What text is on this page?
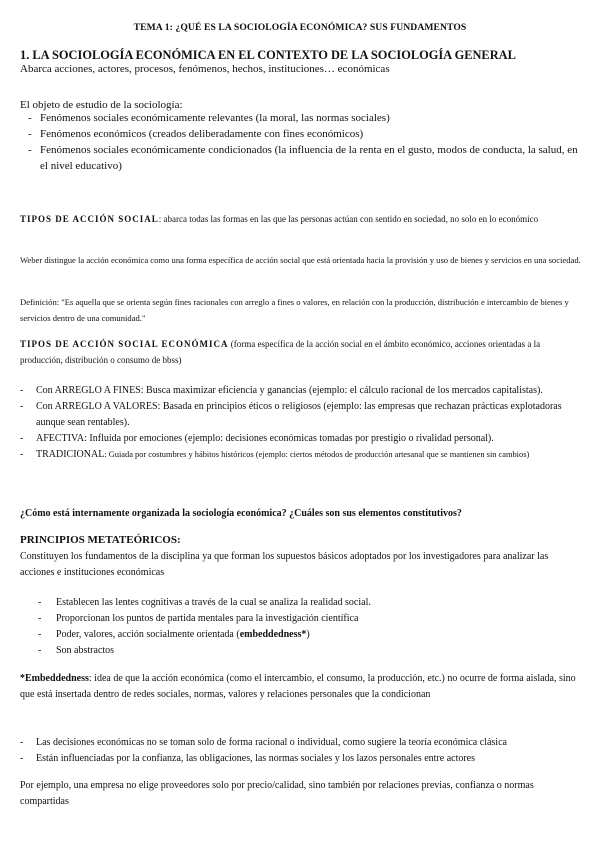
TEMA 1: ¿QUÉ ES LA SOCIOLOGÍA ECONÓMICA? SUS FUNDAMENTOS
1. LA SOCIOLOGÍA ECONÓMICA EN EL CONTEXTO DE LA SOCIOLOGÍA GENERAL
Abarca acciones, actores, procesos, fenómenos, hechos, instituciones… económicas
El objeto de estudio de la sociología:
- Fenómenos sociales económicamente relevantes (la moral, las normas sociales)
- Fenómenos económicos (creados deliberadamente con fines económicos)
- Fenómenos sociales económicamente condicionados (la influencia de la renta en el gusto, modos de conducta, la salud, en el nivel educativo)
TIPOS DE ACCIÓN SOCIAL: abarca todas las formas en las que las personas actúan con sentido en sociedad, no solo en lo económico
Weber distingue la acción económica como una forma específica de acción social que está orientada hacia la provisión y uso de bienes y servicios en una sociedad.
Definición: "Es aquella que se orienta según fines racionales con arreglo a fines o valores, en relación con la producción, distribución e intercambio de bienes y servicios dentro de una comunidad."
TIPOS DE ACCIÓN SOCIAL ECONÓMICA (forma específica de la acción social en el ámbito económico, acciones orientadas a la producción, distribución o consumo de bbss)
- Con ARREGLO A FINES: Busca maximizar eficiencia y ganancias (ejemplo: el cálculo racional de los mercados capitalistas).
- Con ARREGLO A VALORES: Basada en principios éticos o religiosos (ejemplo: las empresas que rechazan prácticas explotadoras aunque sean rentables).
- AFECTIVA: Influida por emociones (ejemplo: decisiones económicas tomadas por prestigio o rivalidad personal).
- TRADICIONAL: Guiada por costumbres y hábitos históricos (ejemplo: ciertos métodos de producción artesanal que se mantienen sin cambios)
¿Cómo está internamente organizada la sociología económica? ¿Cuáles son sus elementos constitutivos?
PRINCIPIOS METATEÓRICOS:
Constituyen los fundamentos de la disciplina ya que forman los supuestos básicos adoptados por los investigadores para analizar las acciones e instituciones económicas
- Establecen las lentes cognitivas a través de la cual se analiza la realidad social.
- Proporcionan los puntos de partida mentales para la investigación científica
- Poder, valores, acción socialmente orientada (embeddedness*)
- Son abstractos
*Embeddedness: idea de que la acción económica (como el intercambio, el consumo, la producción, etc.) no ocurre de forma aislada, sino que está insertada dentro de redes sociales, normas, valores y relaciones personales que la condicionan
- Las decisiones económicas no se toman solo de forma racional o individual, como sugiere la teoría económica clásica
- Están influenciadas por la confianza, las obligaciones, las normas sociales y los lazos personales entre actores
Por ejemplo, una empresa no elige proveedores solo por precio/calidad, sino también por relaciones previas, confianza o normas compartidas
